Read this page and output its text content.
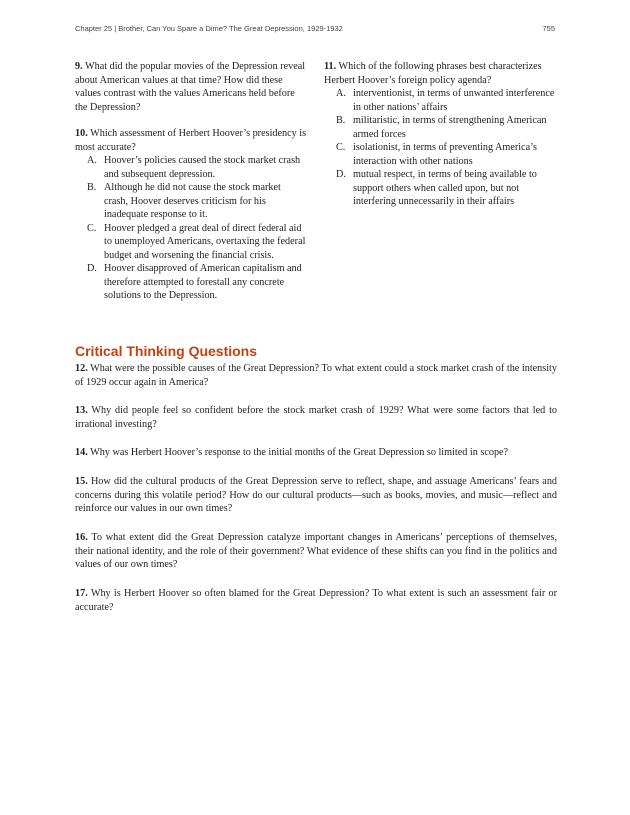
Chapter 25 | Brother, Can You Spare a Dime? The Great Depression, 1929-1932	755

9. What did the popular movies of the Depression reveal about American values at that time? How did these values contrast with the values Americans held before the Depression?

10. Which assessment of Herbert Hoover’s presidency is most accurate?
A. Hoover’s policies caused the stock market crash and subsequent depression.
B. Although he did not cause the stock market crash, Hoover deserves criticism for his inadequate response to it.
C. Hoover pledged a great deal of direct federal aid to unemployed Americans, overtaxing the federal budget and worsening the financial crisis.
D. Hoover disapproved of American capitalism and therefore attempted to forestall any concrete solutions to the Depression.
11. Which of the following phrases best characterizes Herbert Hoover’s foreign policy agenda?
A. interventionist, in terms of unwanted interference in other nations’ affairs
B. militaristic, in terms of strengthening American armed forces
C. isolationist, in terms of preventing America’s interaction with other nations
D. mutual respect, in terms of being available to support others when called upon, but not interfering unnecessarily in their affairs
Critical Thinking Questions

12. What were the possible causes of the Great Depression? To what extent could a stock market crash of the intensity of 1929 occur again in America?

13. Why did people feel so confident before the stock market crash of 1929? What were some factors that led to irrational investing?

14. Why was Herbert Hoover’s response to the initial months of the Great Depression so limited in scope?

15. How did the cultural products of the Great Depression serve to reflect, shape, and assuage Americans’ fears and concerns during this volatile period? How do our cultural products—such as books, movies, and music—reflect and reinforce our values in our own times?

16. To what extent did the Great Depression catalyze important changes in Americans’ perceptions of themselves, their national identity, and the role of their government? What evidence of these shifts can you find in the politics and values of our own times?

17. Why is Herbert Hoover so often blamed for the Great Depression? To what extent is such an assessment fair or accurate?
